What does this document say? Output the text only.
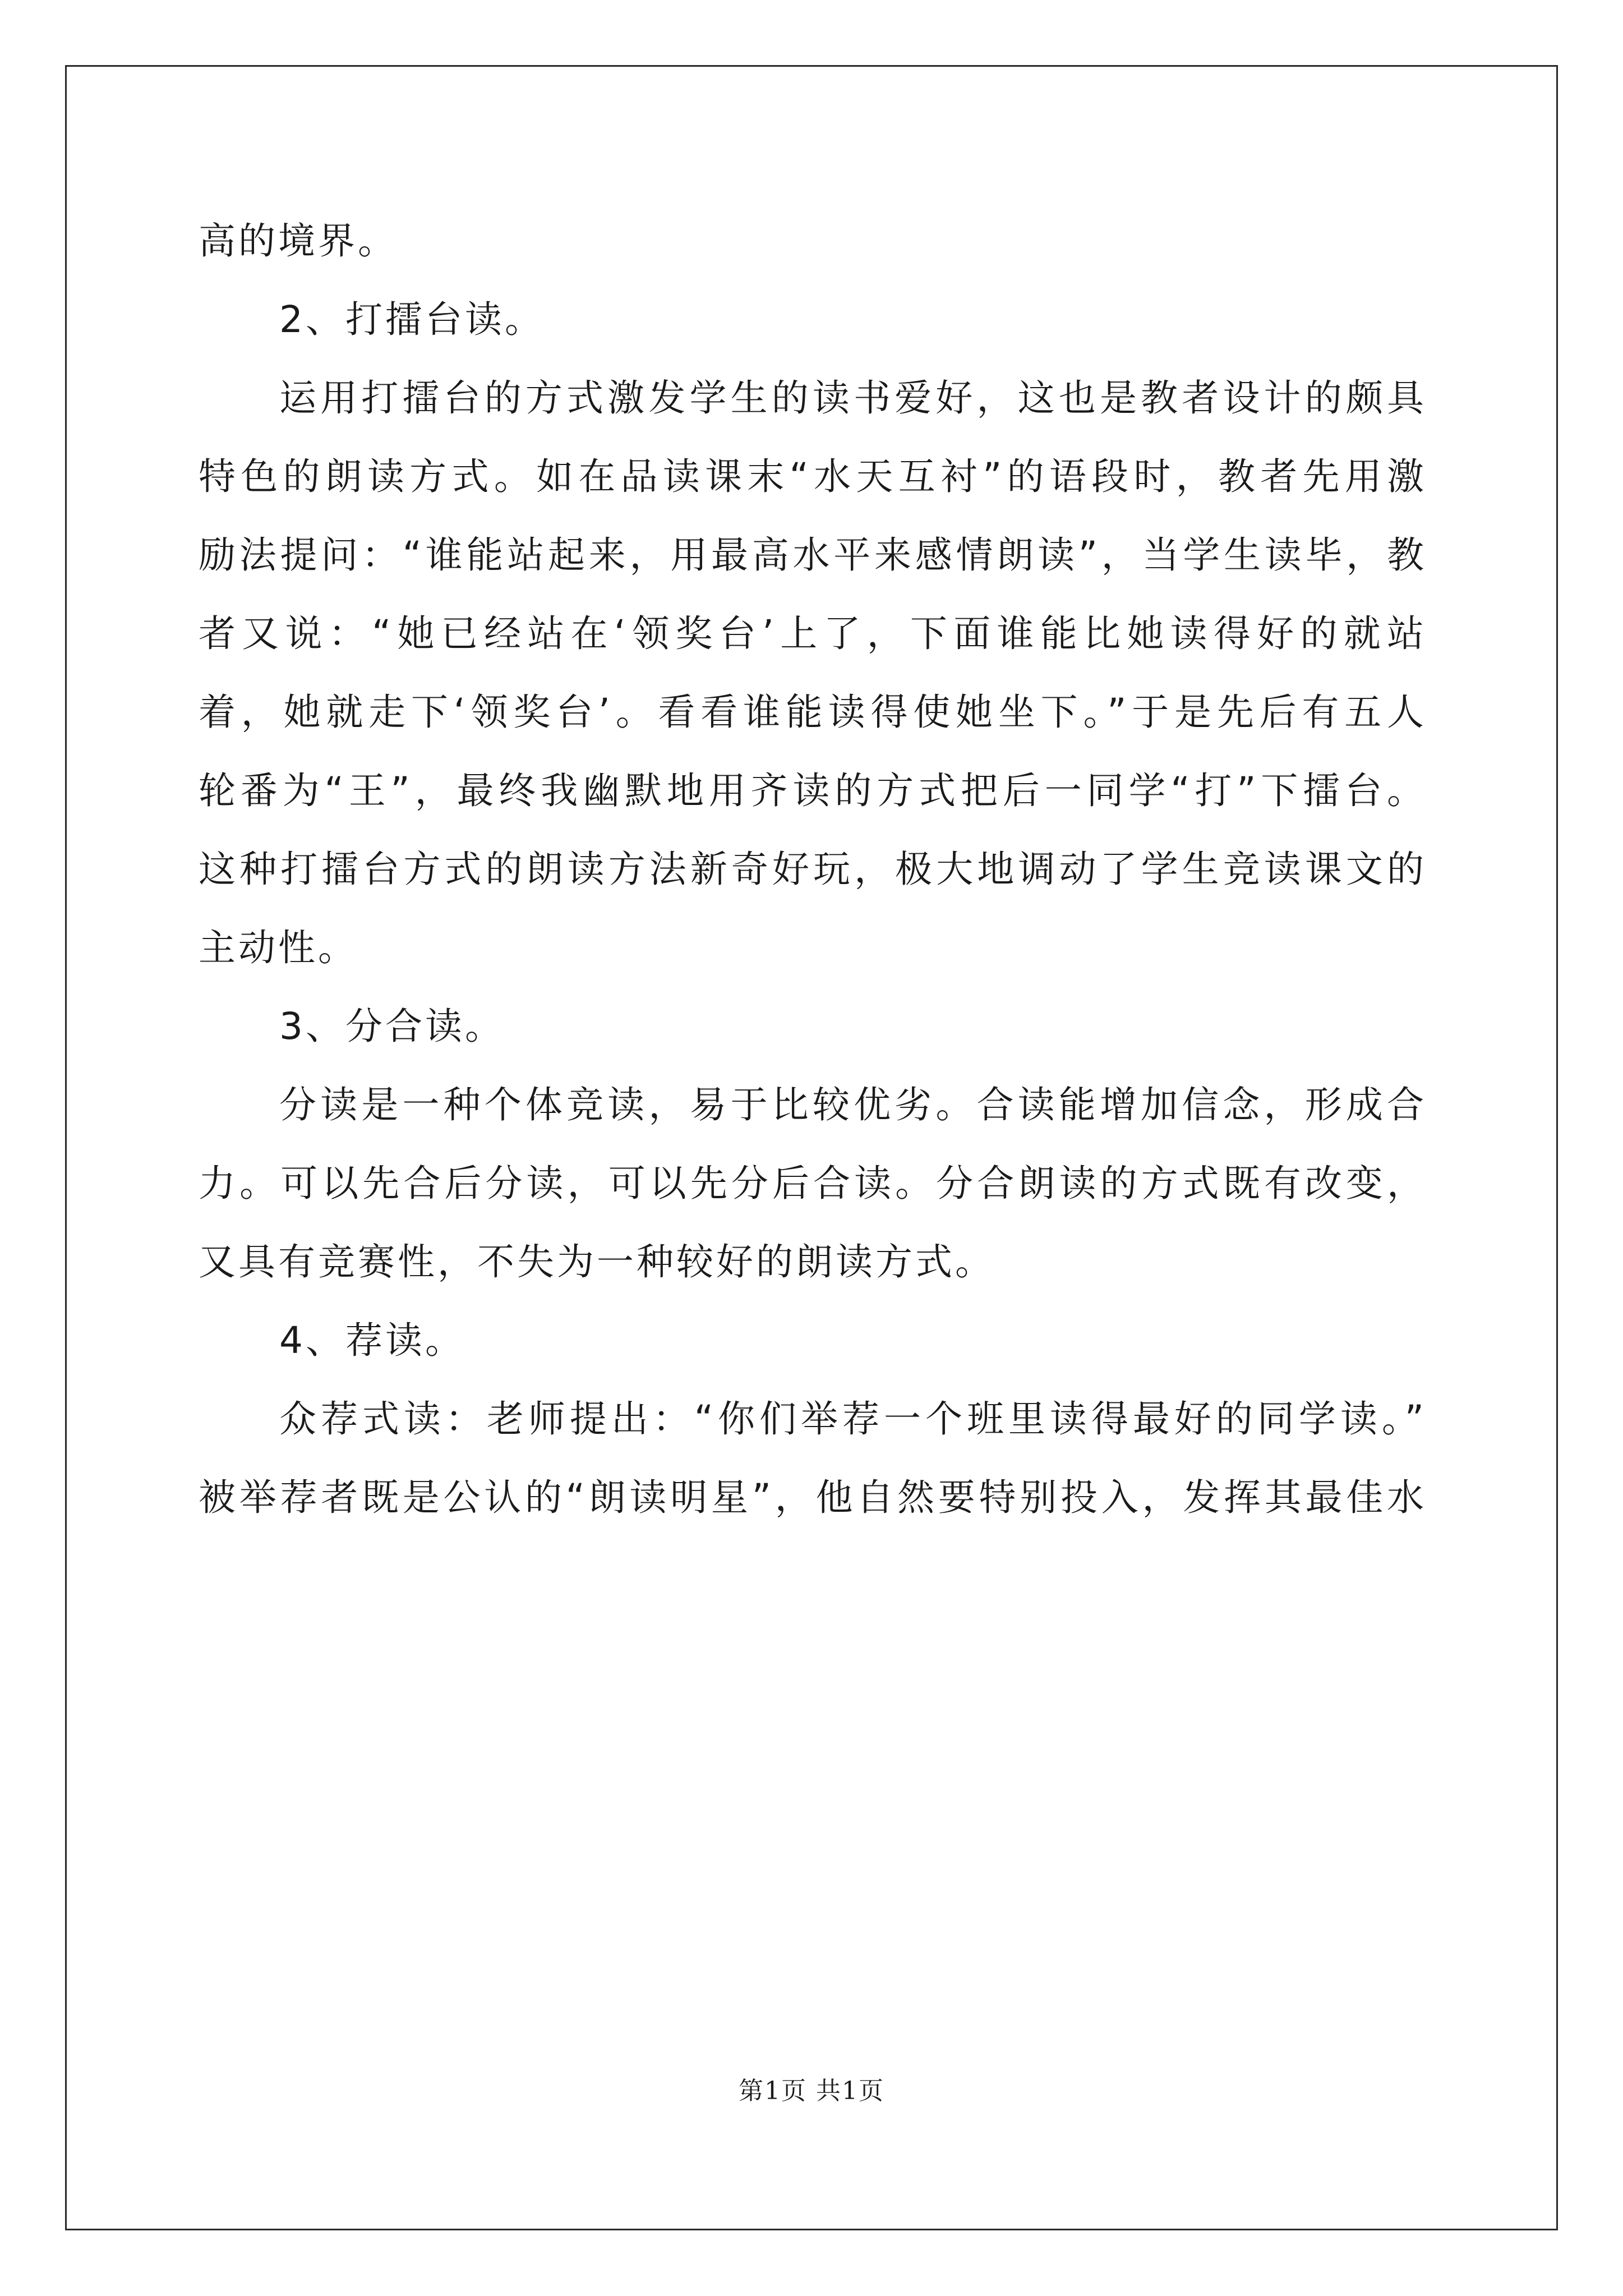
高的境界。
2、打擂台读。
运用打擂台的方式激发学生的读书爱好，这也是教者设计的颇具
特色的朗读方式。如在品读课末“水天互衬”的语段时，教者先用激
励法提问：“谁能站起来，用最高水平来感情朗读”，当学生读毕，教
者又说：“她已经站在‘领奖台’上了，下面谁能比她读得好的就站
着，她就走下‘领奖台’。看看谁能读得使她坐下。”于是先后有五人
轮番为“王”，最终我幽默地用齐读的方式把后一同学“打”下擂台。
这种打擂台方式的朗读方法新奇好玩，极大地调动了学生竞读课文的
主动性。
3、分合读。
分读是一种个体竞读，易于比较优劣。合读能增加信念，形成合
力。可以先合后分读，可以先分后合读。分合朗读的方式既有改变，
又具有竞赛性，不失为一种较好的朗读方式。
4、荐读。
众荐式读：老师提出：“你们举荐一个班里读得最好的同学读。”
被举荐者既是公认的“朗读明星”，他自然要特别投入，发挥其最佳水
第1页 共1页
